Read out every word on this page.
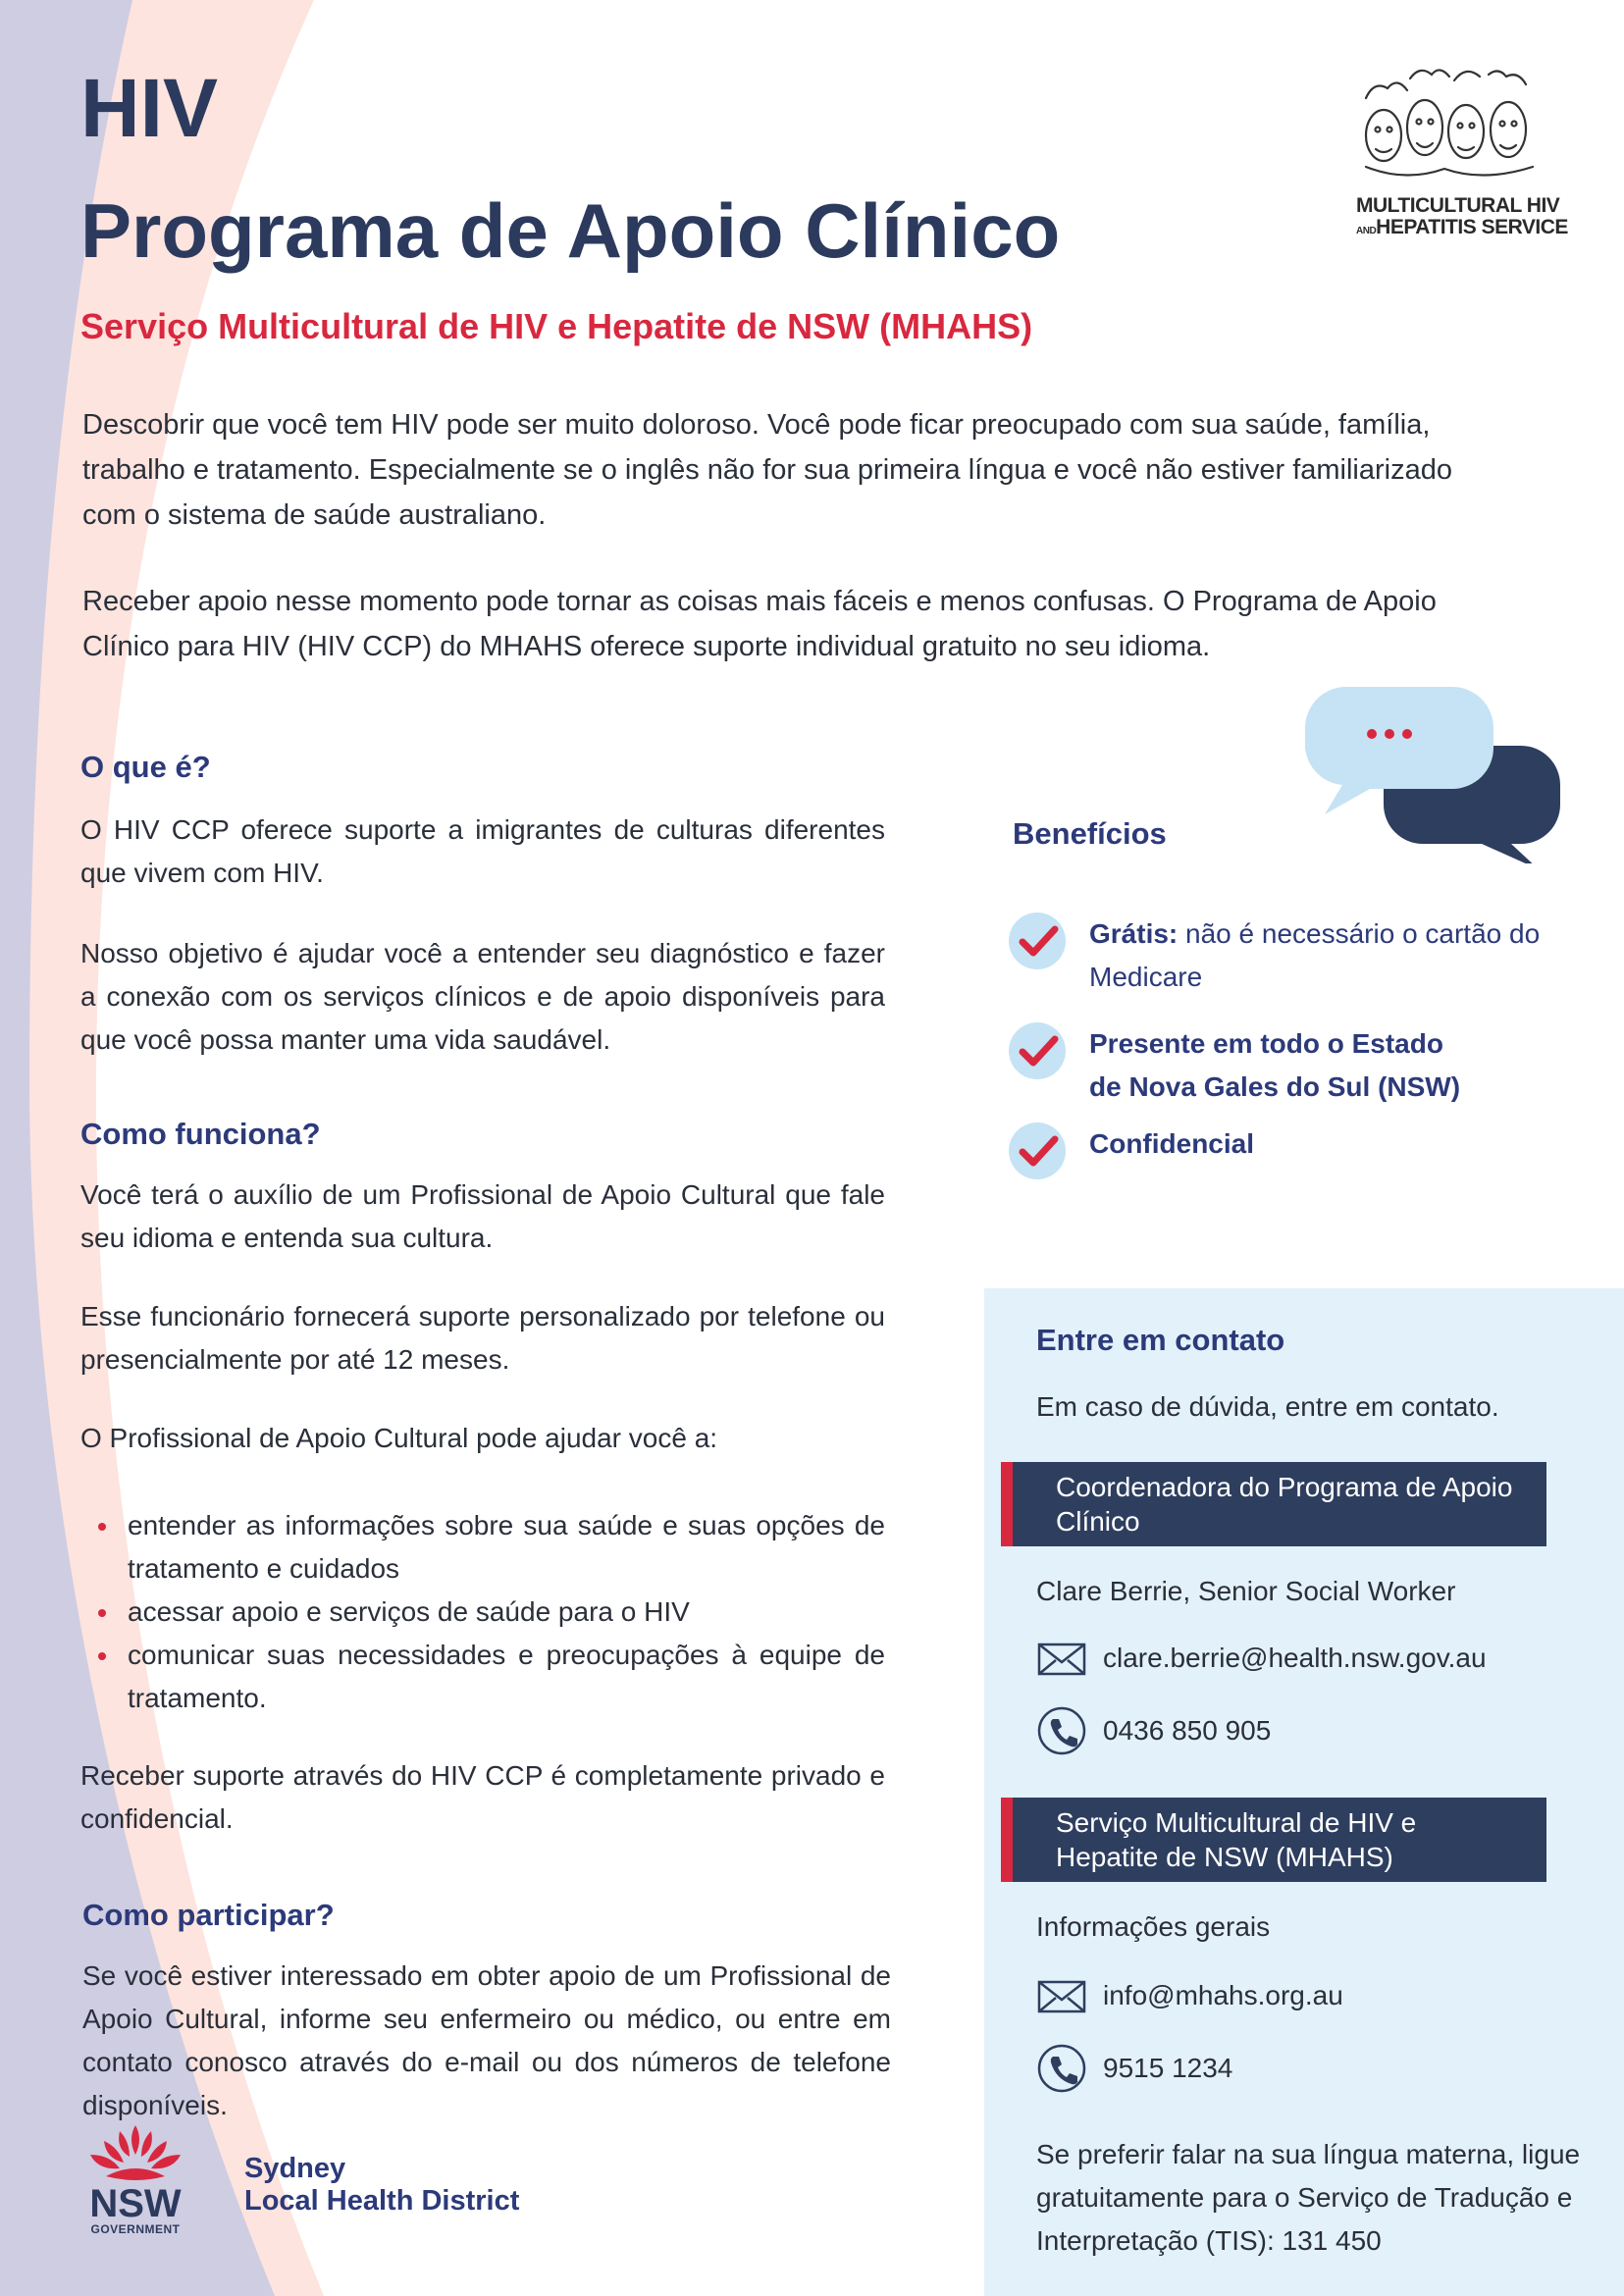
HIV
Programa de Apoio Clínico
Serviço Multicultural de HIV e Hepatite de NSW (MHAHS)
MULTICULTURAL HIV
ANDHEPATITIS SERVICE

Descobrir que você tem HIV pode ser muito doloroso. Você pode ficar preocupado com sua saúde, família, trabalho e tratamento. Especialmente se o inglês não for sua primeira língua e você não estiver familiarizado com o sistema de saúde australiano.

Receber apoio nesse momento pode tornar as coisas mais fáceis e menos confusas. O Programa de Apoio Clínico para HIV (HIV CCP) do MHAHS oferece suporte individual gratuito no seu idioma.

O que é?

O HIV CCP oferece suporte a imigrantes de culturas diferentes que vivem com HIV.

Nosso objetivo é ajudar você a entender seu diagnóstico e fazer a conexão com os serviços clínicos e de apoio disponíveis para que você possa manter uma vida saudável.

Como funciona?

Você terá o auxílio de um Profissional de Apoio Cultural que fale seu idioma e entenda sua cultura.

Esse funcionário fornecerá suporte personalizado por telefone ou presencialmente por até 12 meses.

O Profissional de Apoio Cultural pode ajudar você a:

entender as informações sobre sua saúde e suas opções de tratamento e cuidados
acessar apoio e serviços de saúde para o HIV
comunicar suas necessidades e preocupações à equipe de tratamento.

Receber suporte através do HIV CCP é completamente privado e confidencial.

Como participar?

Se você estiver interessado em obter apoio de um Profissional de Apoio Cultural, informe seu enfermeiro ou médico, ou entre em contato conosco através do e-mail ou dos números de telefone disponíveis.

Benefícios
Grátis: não é necessário o cartão do Medicare
Presente em todo o Estado de Nova Gales do Sul (NSW)
Confidencial
Entre em contato
Em caso de dúvida, entre em contato.
Coordenadora do Programa de Apoio Clínico
Clare Berrie, Senior Social Worker
clare.berrie@health.nsw.gov.au
0436 850 905
Serviço Multicultural de HIV e Hepatite de NSW (MHAHS)
Informações gerais
info@mhahs.org.au
9515 1234
Se preferir falar na sua língua materna, ligue gratuitamente para o Serviço de Tradução e Interpretação (TIS): 131 450
NSW
GOVERNMENT
Sydney
Local Health District
